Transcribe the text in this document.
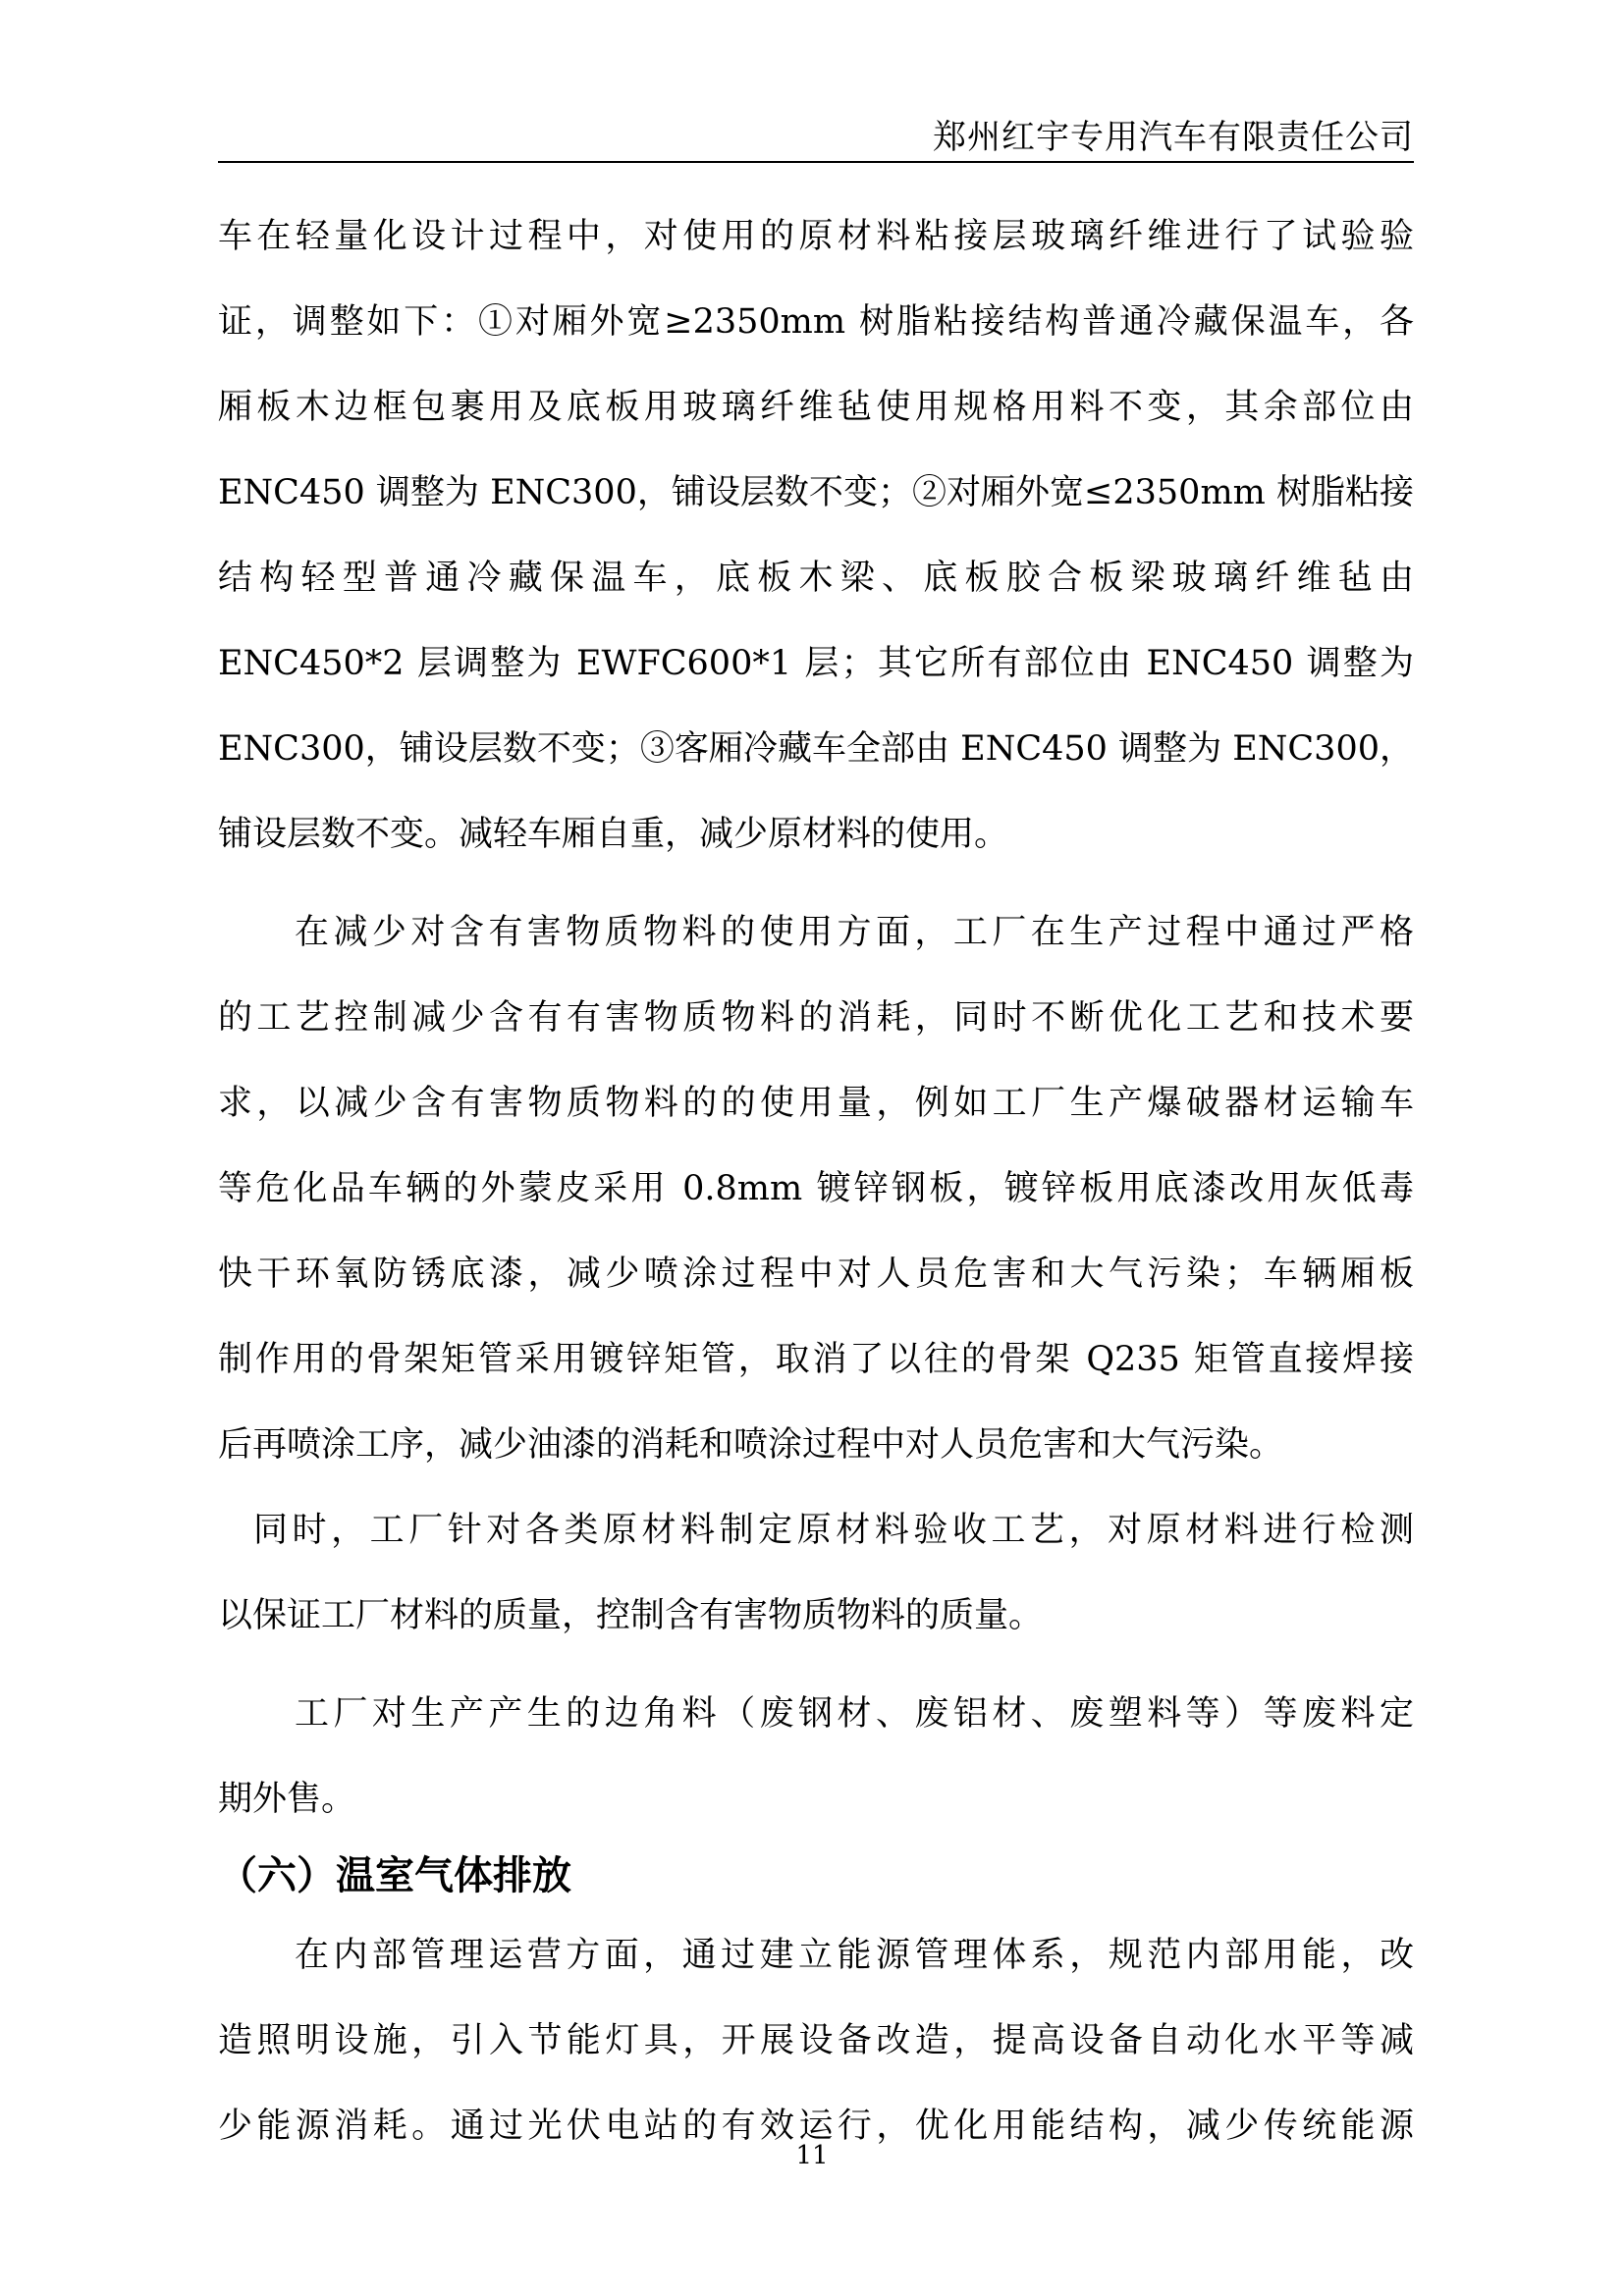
郑州红宇专用汽车有限责任公司
车在轻量化设计过程中，对使用的原材料粘接层玻璃纤维进行了试验验
证，调整如下：①对厢外宽≥2350mm 树脂粘接结构普通冷藏保温车，各
厢板木边框包裹用及底板用玻璃纤维毡使用规格用料不变，其余部位由
ENC450 调整为 ENC300，铺设层数不变；②对厢外宽≤2350mm 树脂粘接
结构轻型普通冷藏保温车，底板木梁、底板胶合板梁玻璃纤维毡由
ENC450*2 层调整为 EWFC600*1 层；其它所有部位由 ENC450 调整为
ENC300，铺设层数不变；③客厢冷藏车全部由 ENC450 调整为 ENC300，
铺设层数不变。减轻车厢自重，减少原材料的使用。
在减少对含有害物质物料的使用方面，工厂在生产过程中通过严格
的工艺控制减少含有有害物质物料的消耗，同时不断优化工艺和技术要
求，以减少含有害物质物料的的使用量，例如工厂生产爆破器材运输车
等危化品车辆的外蒙皮采用 0.8mm 镀锌钢板，镀锌板用底漆改用灰低毒
快干环氧防锈底漆，减少喷涂过程中对人员危害和大气污染；车辆厢板
制作用的骨架矩管采用镀锌矩管，取消了以往的骨架 Q235 矩管直接焊接
后再喷涂工序，减少油漆的消耗和喷涂过程中对人员危害和大气污染。
同时，工厂针对各类原材料制定原材料验收工艺，对原材料进行检测
以保证工厂材料的质量，控制含有害物质物料的质量。
工厂对生产产生的边角料（废钢材、废铝材、废塑料等）等废料定
期外售。
（六）温室气体排放
在内部管理运营方面，通过建立能源管理体系，规范内部用能，改
造照明设施，引入节能灯具，开展设备改造，提高设备自动化水平等减
少能源消耗。通过光伏电站的有效运行，优化用能结构，减少传统能源
11
